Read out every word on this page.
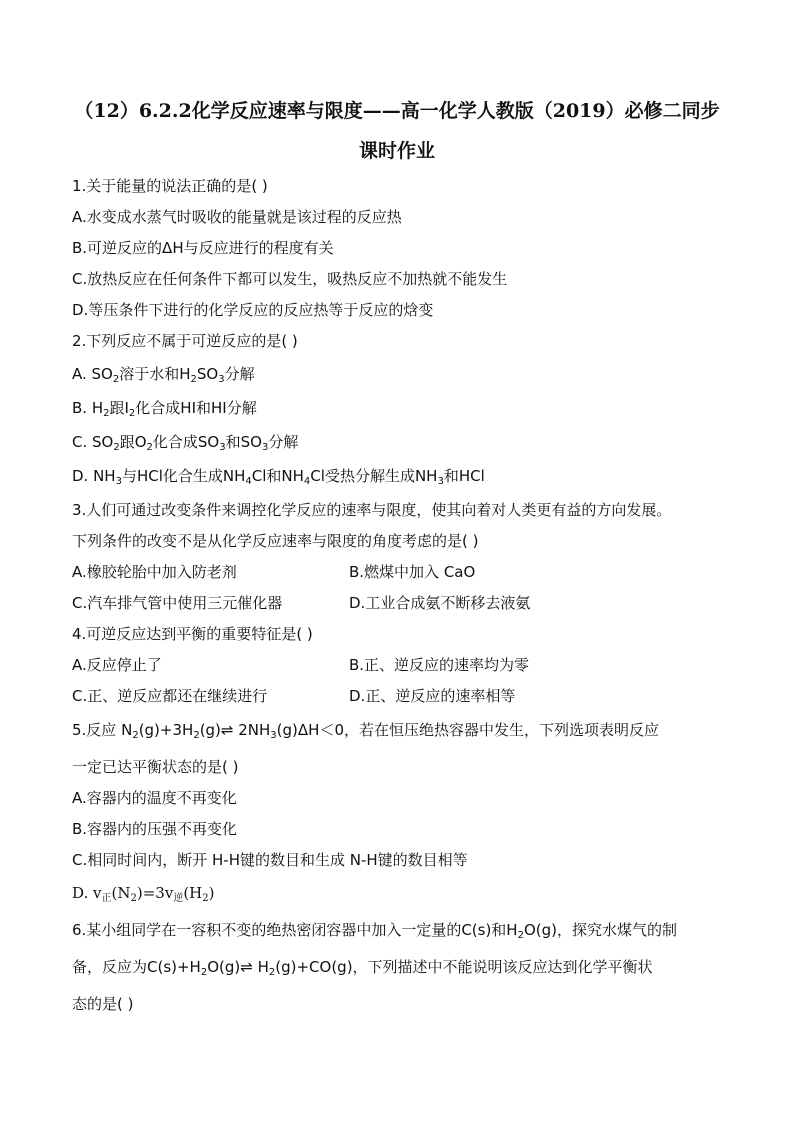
（12）6.2.2化学反应速率与限度——高一化学人教版（2019）必修二同步
课时作业
1.关于能量的说法正确的是( )
A.水变成水蒸气时吸收的能量就是该过程的反应热
B.可逆反应的ΔH与反应进行的程度有关
C.放热反应在任何条件下都可以发生，吸热反应不加热就不能发生
D.等压条件下进行的化学反应的反应热等于反应的焓变
2.下列反应不属于可逆反应的是( )
A. $SO_2$溶于水和$H_2SO_3$分解
B. $H_2$跟$I_2$化合成HI和HI分解
C. $SO_2$跟$O_2$化合成$SO_3$和$SO_3$分解
D. $NH_3$与HCl化合生成$NH_4Cl$和$NH_4Cl$受热分解生成$NH_3$和HCl
3.人们可通过改变条件来调控化学反应的速率与限度，使其向着对人类更有益的方向发展。
下列条件的改变不是从化学反应速率与限度的角度考虑的是( )
A.橡胶轮胎中加入防老剂	B.燃煤中加入 CaO
C.汽车排气管中使用三元催化器	D.工业合成氨不断移去液氨
4.可逆反应达到平衡的重要特征是( )
A.反应停止了	B.正、逆反应的速率均为零
C.正、逆反应都还在继续进行	D.正、逆反应的速率相等
5.反应 $N_2(g)+3H_2(g)\rightleftharpoons$ $2NH_3(g)\Delta H<0$，若在恒压绝热容器中发生，下列选项表明反应
一定已达平衡状态的是( )
A.容器内的温度不再变化
B.容器内的压强不再变化
C.相同时间内，断开 H-H键的数目和生成 N-H键的数目相等
D. $v_正(N_2)=3v_逆(H_2)$
6.某小组同学在一容积不变的绝热密闭容器中加入一定量的C(s)和$H_2O(g)$，探究水煤气的制
备，反应为$C(s)+H_2O(g)\rightleftharpoons$ $H_2(g)+CO(g)$，下列描述中不能说明该反应达到化学平衡状
态的是( )
